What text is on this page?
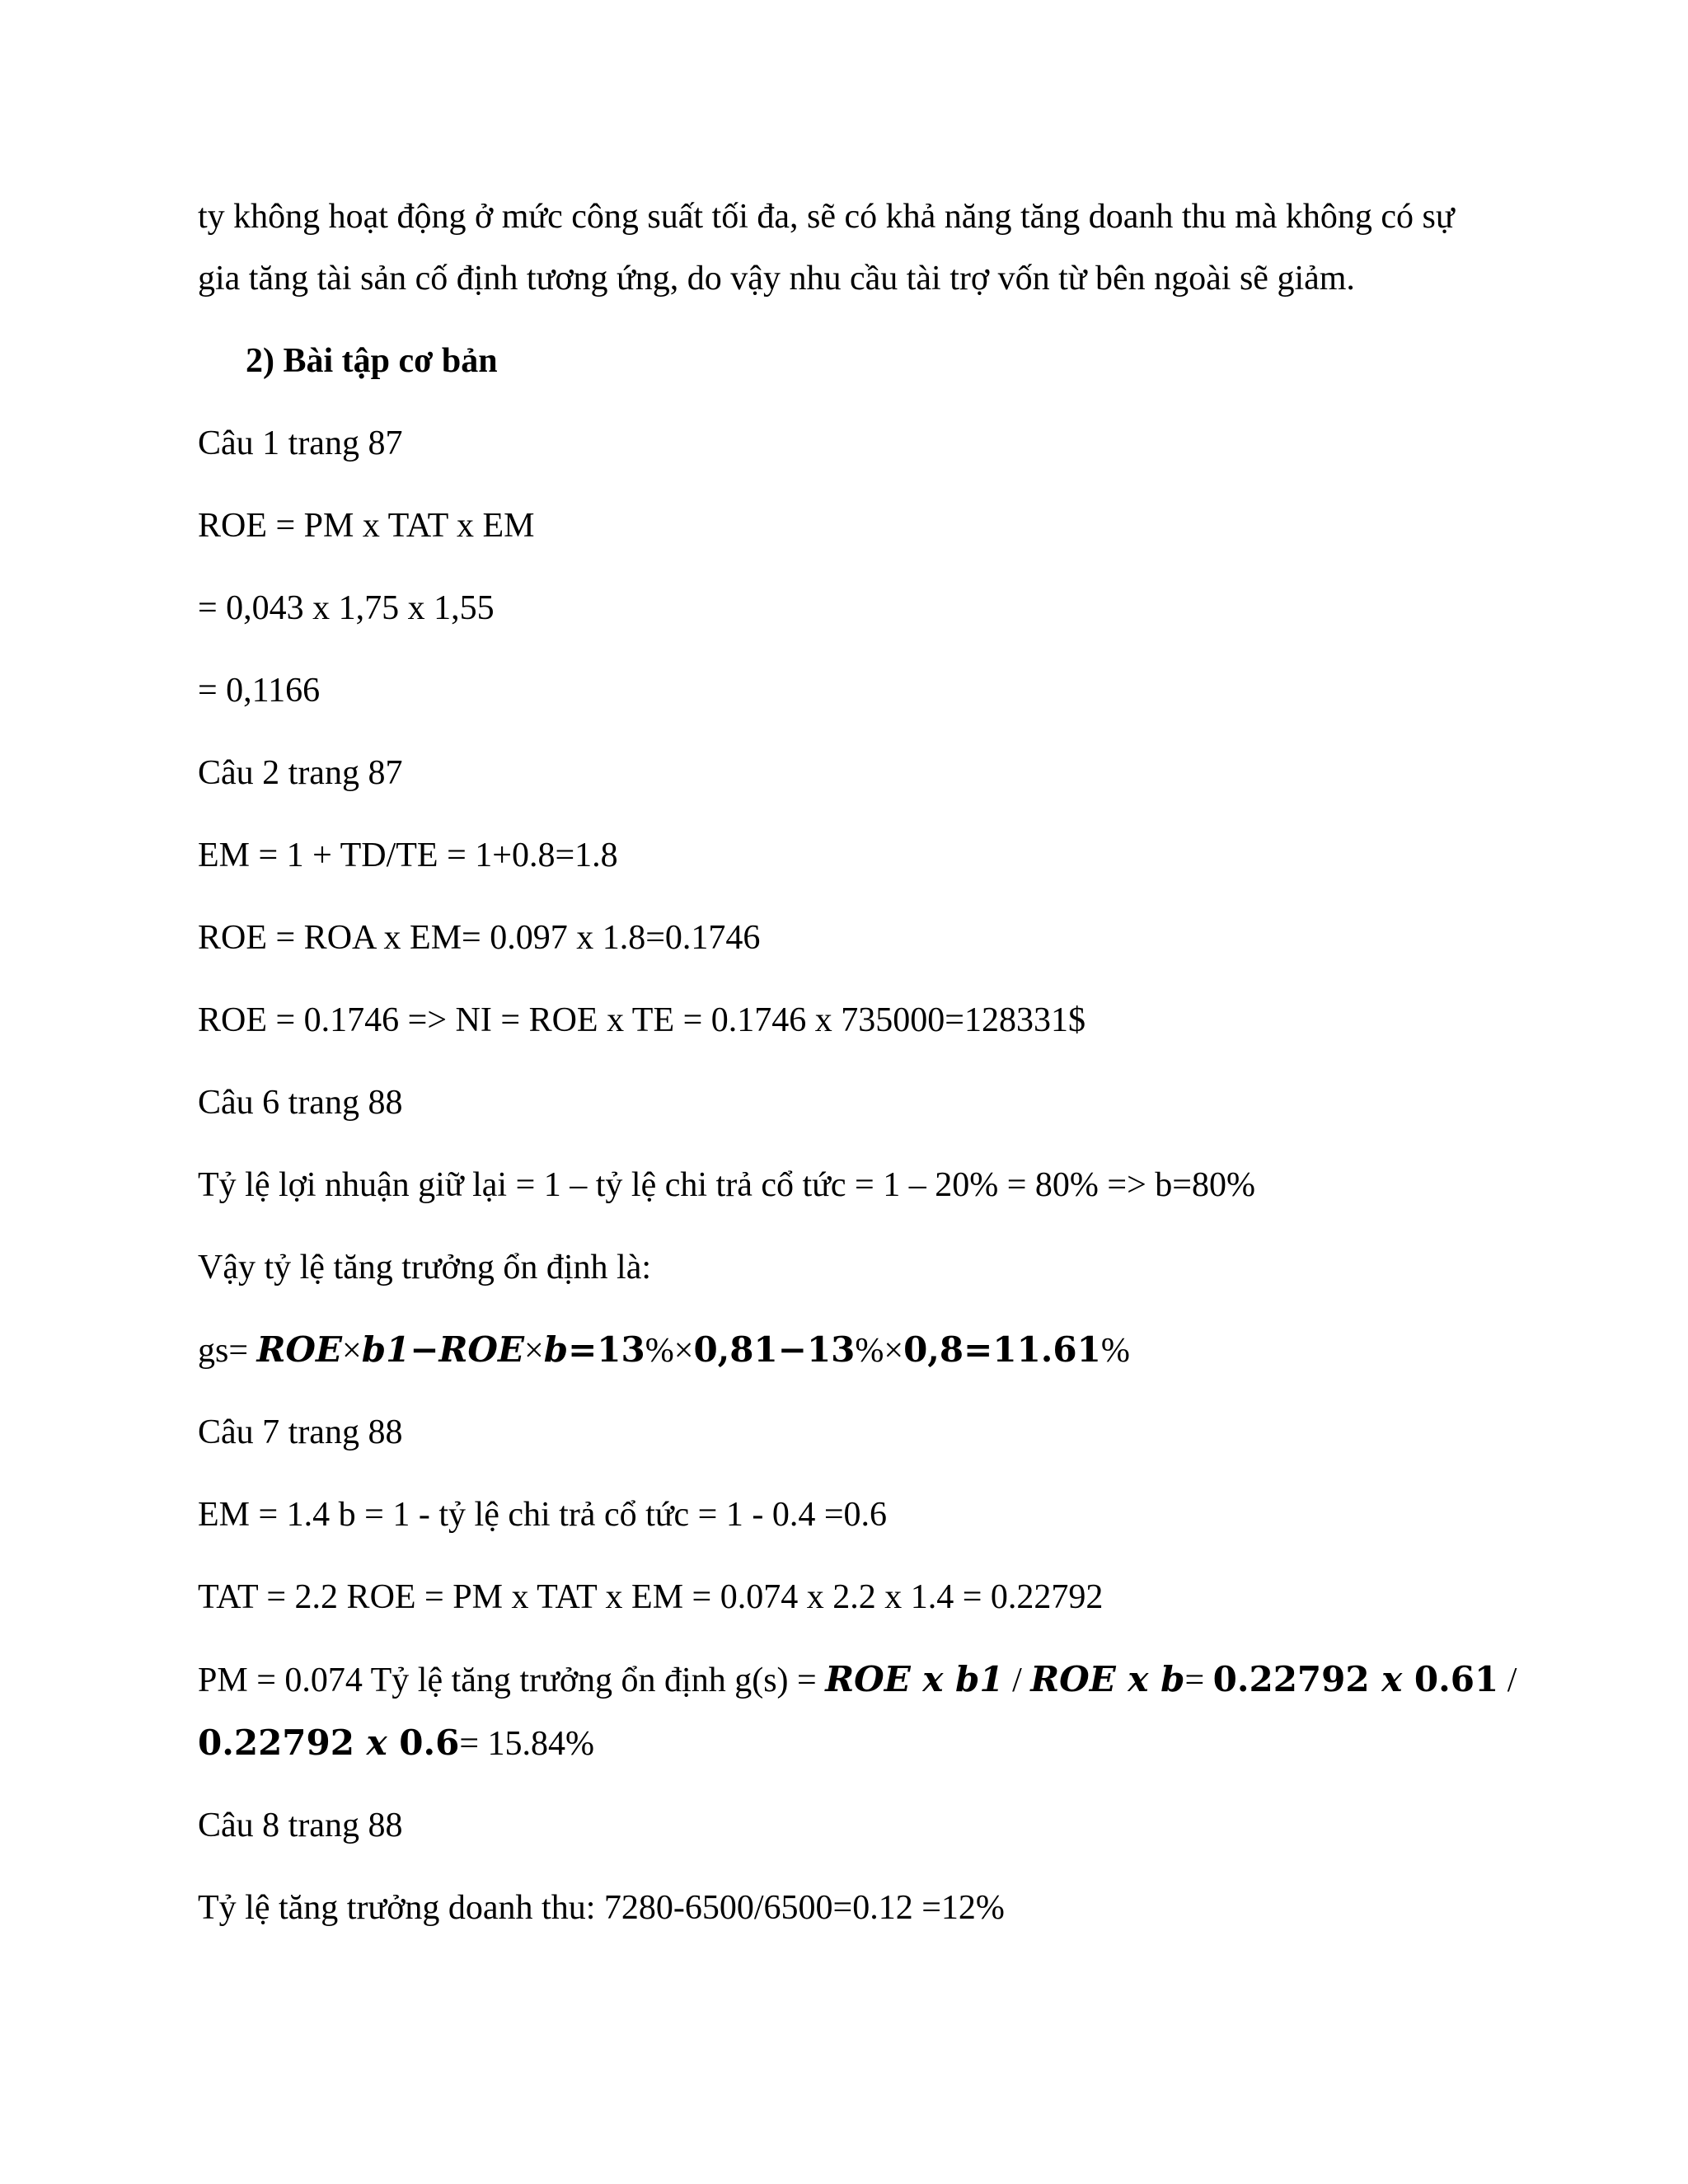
ty không hoạt động ở mức công suất tối đa, sẽ có khả năng tăng doanh thu mà không có sự
gia tăng tài sản cố định tương ứng, do vậy nhu cầu tài trợ vốn từ bên ngoài sẽ giảm.
2) Bài tập cơ bản
Câu 1 trang 87
ROE = PM x TAT x EM
= 0,043 x 1,75 x 1,55
= 0,1166
Câu 2 trang 87
EM = 1 + TD/TE = 1+0.8=1.8
ROE = ROA x EM= 0.097 x 1.8=0.1746
ROE = 0.1746 => NI = ROE x TE = 0.1746 x 735000=128331$
Câu 6 trang 88
Tỷ lệ lợi nhuận giữ lại = 1 – tỷ lệ chi trả cổ tức = 1 – 20% = 80% => b=80%
Vậy tỷ lệ tăng trưởng ổn định là:
gs= ROE×b1−ROE×b=13%×0,81−13%×0,8=11.61%
Câu 7 trang 88
EM = 1.4 b = 1 - tỷ lệ chi trả cổ tức = 1 - 0.4 =0.6
TAT = 2.2 ROE = PM x TAT x EM = 0.074 x 2.2 x 1.4 = 0.22792
PM = 0.074 Tỷ lệ tăng trưởng ổn định g(s) = ROE x b1 / ROE x b= 0.22792 x 0.61 /
0.22792 x 0.6= 15.84%
Câu 8 trang 88
Tỷ lệ tăng trưởng doanh thu: 7280-6500/6500=0.12 =12%
